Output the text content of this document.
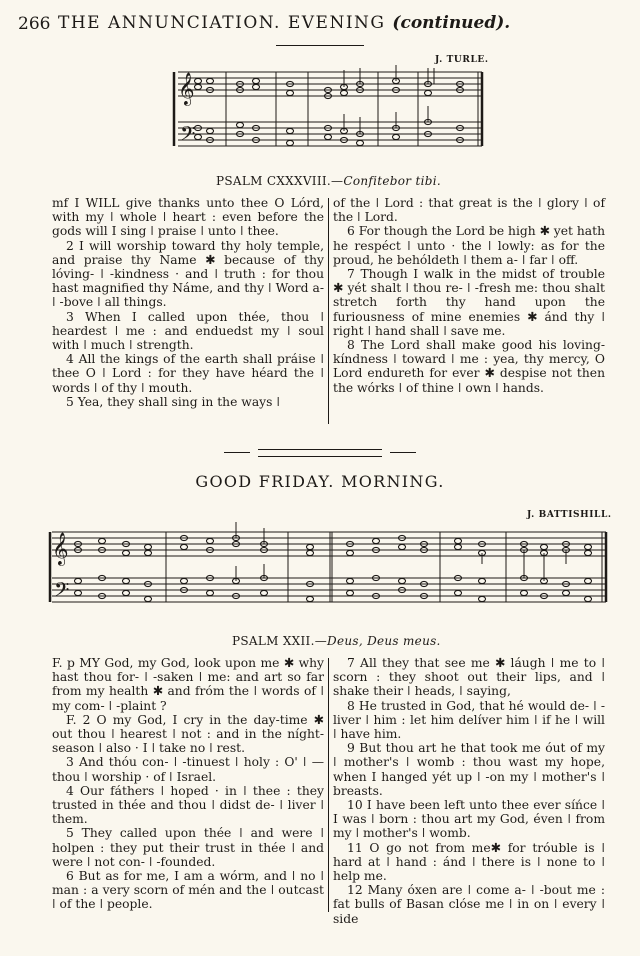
266 THE ANNUNCIATION. EVENING (continued).
J. TURLE.
𝄞
𝄢
PSALM CXXXVIII.—Confitebor tibi.

mf I WILL give thanks unto thee O Lórd, with my ǀ whole ǀ heart : even before the gods will I sing ǀ praise ǀ unto ǀ thee.

2 I will worship toward thy holy temple, and praise thy Name ✱ because of thy lóving- ǀ -kindness · and ǀ truth : for thou hast magnified thy Náme, and thy ǀ Word a- ǀ -bove ǀ all things.

3 When I called upon thée, thou ǀ heardest ǀ me : and enduedst my ǀ soul with ǀ much ǀ strength.

4 All the kings of the earth shall práise ǀ thee O ǀ Lord : for they have héard the ǀ words ǀ of thy ǀ mouth.

5 Yea, they shall sing in the ways ǀ

of the ǀ Lord : that great is the ǀ glory ǀ of the ǀ Lord.

6 For though the Lord be high ✱ yet hath he respéct ǀ unto · the ǀ lowly: as for the proud, he behóldeth ǀ them a- ǀ far ǀ off.

7 Though I walk in the midst of trouble ✱ yét shalt ǀ thou re- ǀ -fresh me: thou shalt stretch forth thy hand upon the furiousness of mine enemies ✱ ánd thy ǀ right ǀ hand shall ǀ save me.

8 The Lord shall make good his loving-kíndness ǀ toward ǀ me : yea, thy mercy, O Lord endureth for ever ✱ despise not then the wórks ǀ of thine ǀ own ǀ hands.

GOOD FRIDAY. MORNING.
J. BATTISHILL.
𝄞
𝄢
PSALM XXII.—Deus, Deus meus.

F. p MY God, my God, look upon me ✱ why hast thou for- ǀ -saken ǀ me: and art so far from my health ✱ and fróm the ǀ words of ǀ my com- ǀ -plaint ?

F. 2 O my God, I cry in the day-time ✱ out thou ǀ hearest ǀ not : and in the níght-season ǀ also · I ǀ take no ǀ rest.

3 And thóu con- ǀ -tinuest ǀ holy : O' ǀ — thou ǀ worship · of ǀ Israel.

4 Our fáthers ǀ hoped · in ǀ thee : they trusted in thée and thou ǀ didst de- ǀ liver ǀ them.

5 They called upon thée ǀ and were ǀ holpen : they put their trust in thée ǀ and were ǀ not con- ǀ -founded.

6 But as for me, I am a wórm, and ǀ no ǀ man : a very scorn of mén and the ǀ outcast ǀ of the ǀ people.

7 All they that see me ✱ láugh ǀ me to ǀ scorn : they shoot out their lips, and ǀ shake their ǀ heads, ǀ saying,

8 He trusted in God, that hé would de- ǀ -liver ǀ him : let him delíver him ǀ if he ǀ will ǀ have him.

9 But thou art he that took me óut of my ǀ mother's ǀ womb : thou wast my hope, when I hanged yét up ǀ -on my ǀ mother's ǀ breasts.

10 I have been left unto thee ever síńce ǀ I was ǀ born : thou art my God, éven ǀ from my ǀ mother's ǀ womb.

11 O go not from me✱ for tróuble is ǀ hard at ǀ hand : ánd ǀ there is ǀ none to ǀ help me.

12 Many óxen are ǀ come a- ǀ -bout me : fat bulls of Basan clóse me ǀ in on ǀ every ǀ side
